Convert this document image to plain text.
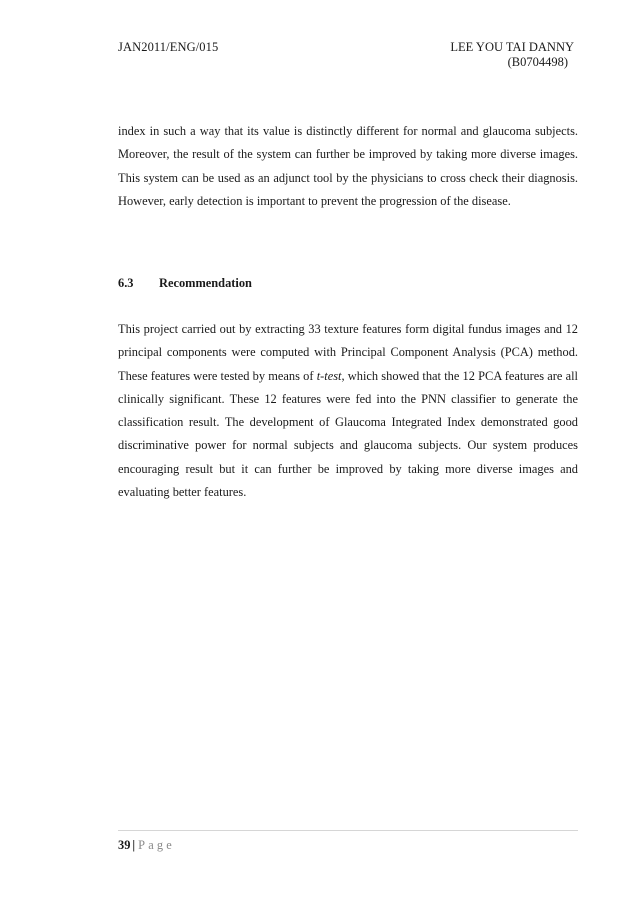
JAN2011/ENG/015	LEE YOU TAI DANNY
(B0704498)

index in such a way that its value is distinctly different for normal and glaucoma subjects. Moreover, the result of the system can further be improved by taking more diverse images. This system can be used as an adjunct tool by the physicians to cross check their diagnosis. However, early detection is important to prevent the progression of the disease.

6.3 Recommendation

This project carried out by extracting 33 texture features form digital fundus images and 12 principal components were computed with Principal Component Analysis (PCA) method. These features were tested by means of t-test, which showed that the 12 PCA features are all clinically significant. These 12 features were fed into the PNN classifier to generate the classification result. The development of Glaucoma Integrated Index demonstrated good discriminative power for normal subjects and glaucoma subjects. Our system produces encouraging result but it can further be improved by taking more diverse images and evaluating better features.

39 | Page
